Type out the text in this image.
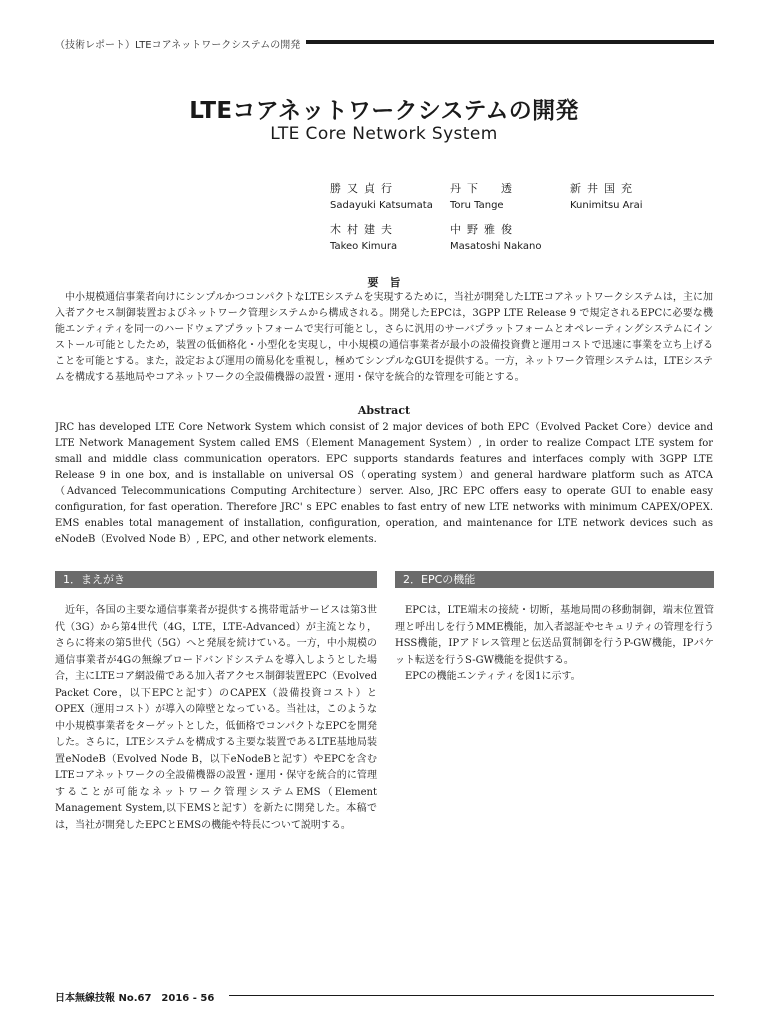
（技術レポート）LTEコアネットワークシステムの開発
LTEコアネットワークシステムの開発
LTE Core Network System
勝又貞行
Sadayuki Katsumata
丹下　透
Toru Tange
新井国充
Kunimitsu Arai
木村建夫
Takeo Kimura
中野雅俊
Masatoshi Nakano
要　旨

中小規模通信事業者向けにシンプルかつコンパクトなLTEシステムを実現するために，当社が開発したLTEコアネットワークシステムは，主に加入者アクセス制御装置およびネットワーク管理システムから構成される。開発したEPCは，3GPP LTE Release 9 で規定されるEPCに必要な機能エンティティを同一のハードウェアプラットフォームで実行可能とし，さらに汎用のサーバプラットフォームとオペレーティングシステムにインストール可能としたため，装置の低価格化・小型化を実現し，中小規模の通信事業者が最小の設備投資費と運用コストで迅速に事業を立ち上げることを可能とする。また，設定および運用の簡易化を重視し，極めてシンプルなGUIを提供する。一方，ネットワーク管理システムは，LTEシステムを構成する基地局やコアネットワークの全設備機器の設置・運用・保守を統合的な管理を可能とする。

Abstract

JRC has developed LTE Core Network System which consist of 2 major devices of both EPC（Evolved Packet Core）device and LTE Network Management System called EMS（Element Management System）, in order to realize Compact LTE system for small and middle class communication operators. EPC supports standards features and interfaces comply with 3GPP LTE Release 9 in one box, and is installable on universal OS（operating system）and general hardware platform such as ATCA（Advanced Telecommunications Computing Architecture）server. Also, JRC EPC offers easy to operate GUI to enable easy configuration, for fast operation. Therefore JRC' s EPC enables to fast entry of new LTE networks with minimum CAPEX/OPEX. EMS enables total management of installation, configuration, operation, and maintenance for LTE network devices such as eNodeB（Evolved Node B）, EPC, and other network elements.

1．まえがき	2．EPCの機能

近年，各国の主要な通信事業者が提供する携帯電話サービスは第3世代（3G）から第4世代（4G，LTE，LTE-Advanced）が主流となり，さらに将来の第5世代（5G）へと発展を続けている。一方，中小規模の通信事業者が4Gの無線ブロードバンドシステムを導入しようとした場合，主にLTEコア網設備である加入者アクセス制御装置EPC（Evolved Packet Core，以下EPCと記す）のCAPEX（設備投資コスト）とOPEX（運用コスト）が導入の障壁となっている。当社は，このような中小規模事業者をターゲットとした，低価格でコンパクトなEPCを開発した。さらに，LTEシステムを構成する主要な装置であるLTE基地局装置eNodeB（Evolved Node B，以下eNodeBと記す）やEPCを含むLTEコアネットワークの全設備機器の設置・運用・保守を統合的に管理することが可能なネットワーク管理システムEMS（Element Management System,以下EMSと記す）を新たに開発した。本稿では，当社が開発したEPCとEMSの機能や特長について説明する。

EPCは，LTE端末の接続・切断，基地局間の移動制御，端末位置管理と呼出しを行うMME機能，加入者認証やセキュリティの管理を行うHSS機能，IPアドレス管理と伝送品質制御を行うP-GW機能，IPパケット転送を行うS-GW機能を提供する。

EPCの機能エンティティを図1に示す。

日本無線技報 No.67　2016 - 56
